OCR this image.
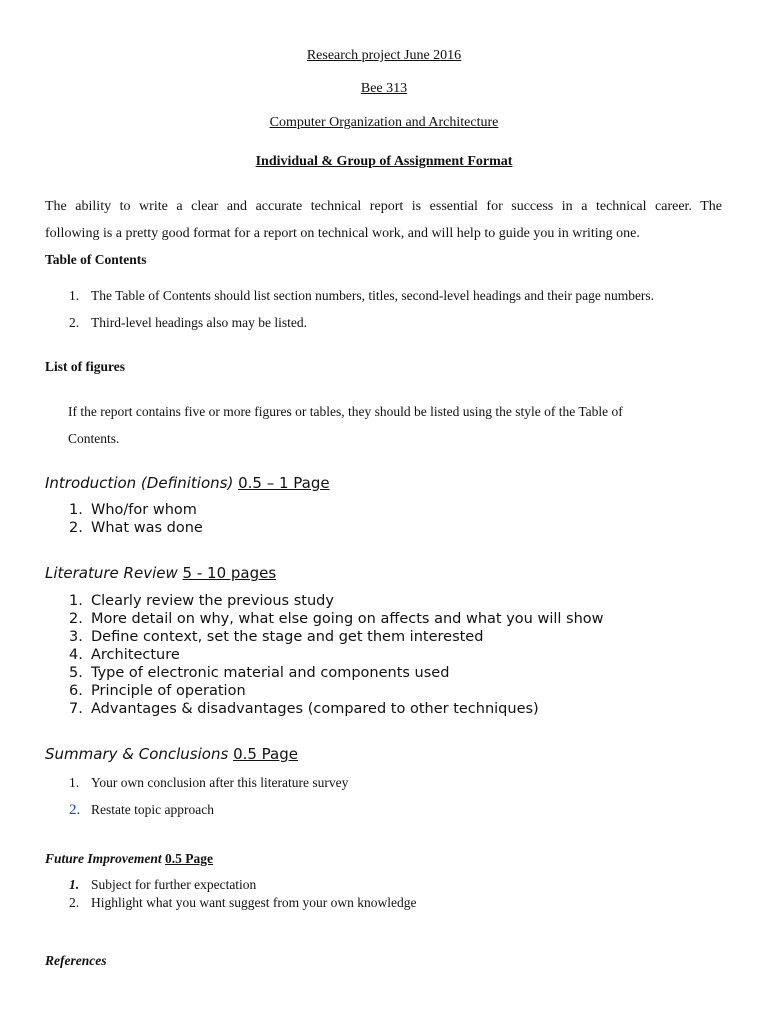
Research project June 2016
Bee 313
Computer Organization and Architecture
Individual & Group of Assignment Format
The ability to write a clear and accurate technical report is essential for success in a technical career. The
following is a pretty good format for a report on technical work, and will help to guide you in writing one.
Table of Contents
1. The Table of Contents should list section numbers, titles, second-level headings and their page numbers.
2. Third-level headings also may be listed.
List of figures
If the report contains five or more figures or tables, they should be listed using the style of the Table of
Contents.
Introduction (Definitions) 0.5 – 1 Page
1. Who/for whom
2. What was done
Literature Review 5 - 10 pages
1. Clearly review the previous study
2. More detail on why, what else going on affects and what you will show
3. Define context, set the stage and get them interested
4. Architecture
5. Type of electronic material and components used
6. Principle of operation
7. Advantages & disadvantages (compared to other techniques)
Summary & Conclusions 0.5 Page
1. Your own conclusion after this literature survey
2. Restate topic approach
Future Improvement 0.5 Page
1. Subject for further expectation
2. Highlight what you want suggest from your own knowledge
References
